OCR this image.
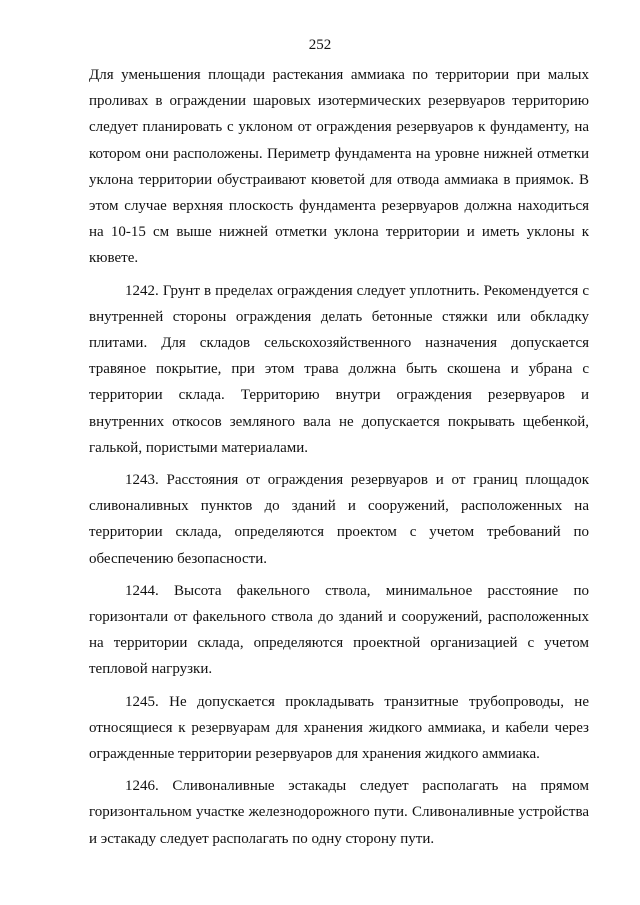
252

Для уменьшения площади растекания аммиака по территории при малых проливах в ограждении шаровых изотермических резервуаров территорию следует планировать с уклоном от ограждения резервуаров к фундаменту, на котором они расположены. Периметр фундамента на уровне нижней отметки уклона территории обустраивают кюветой для отвода аммиака в приямок. В этом случае верхняя плоскость фундамента резервуаров должна находиться на 10-15 см выше нижней отметки уклона территории и иметь уклоны к кювете.

1242. Грунт в пределах ограждения следует уплотнить. Рекомендуется с внутренней стороны ограждения делать бетонные стяжки или обкладку плитами. Для складов сельскохозяйственного назначения допускается травяное покрытие, при этом трава должна быть скошена и убрана с территории склада. Территорию внутри ограждения резервуаров и внутренних откосов земляного вала не допускается покрывать щебенкой, галькой, пористыми материалами.

1243. Расстояния от ограждения резервуаров и от границ площадок сливоналивных пунктов до зданий и сооружений, расположенных на территории склада, определяются проектом с учетом требований по обеспечению безопасности.

1244. Высота факельного ствола, минимальное расстояние по горизонтали от факельного ствола до зданий и сооружений, расположенных на территории склада, определяются проектной организацией с учетом тепловой нагрузки.

1245. Не допускается прокладывать транзитные трубопроводы, не относящиеся к резервуарам для хранения жидкого аммиака, и кабели через огражденные территории резервуаров для хранения жидкого аммиака.

1246. Сливоналивные эстакады следует располагать на прямом горизонтальном участке железнодорожного пути. Сливоналивные устройства и эстакаду следует располагать по одну сторону пути.
